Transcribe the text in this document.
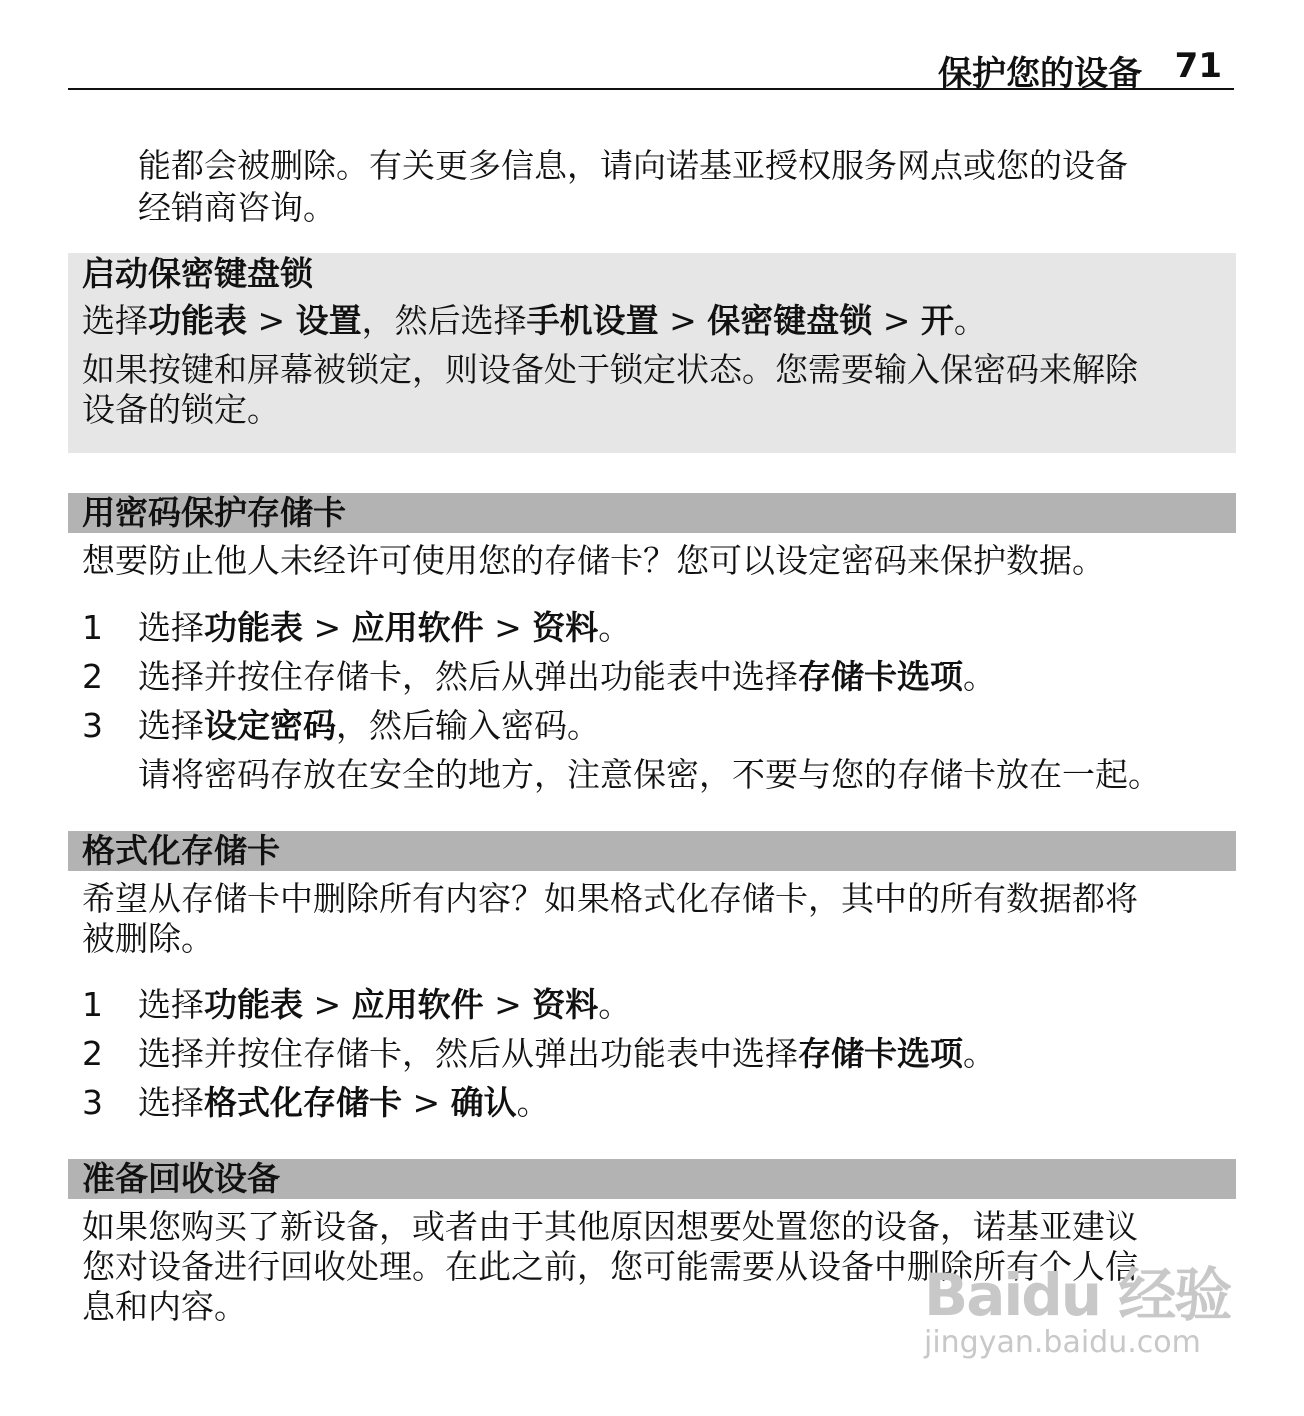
保护您的设备 71

能都会被删除。有关更多信息，请向诺基亚授权服务网点或您的设备

经销商咨询。

启动保密键盘锁

选择功能表 > 设置，然后选择手机设置 > 保密键盘锁 > 开。

如果按键和屏幕被锁定，则设备处于锁定状态。您需要输入保密码来解除

设备的锁定。

用密码保护存储卡

想要防止他人未经许可使用您的存储卡？您可以设定密码来保护数据。

1 选择功能表 > 应用软件 > 资料。

2 选择并按住存储卡，然后从弹出功能表中选择存储卡选项。

3 选择设定密码，然后输入密码。

请将密码存放在安全的地方，注意保密，不要与您的存储卡放在一起。

格式化存储卡

希望从存储卡中删除所有内容？如果格式化存储卡，其中的所有数据都将

被删除。

1 选择功能表 > 应用软件 > 资料。

2 选择并按住存储卡，然后从弹出功能表中选择存储卡选项。

3 选择格式化存储卡 > 确认。

准备回收设备

如果您购买了新设备，或者由于其他原因想要处置您的设备，诺基亚建议

您对设备进行回收处理。在此之前，您可能需要从设备中删除所有个人信

息和内容。	Baidu 经验
jingyan.baidu.com
